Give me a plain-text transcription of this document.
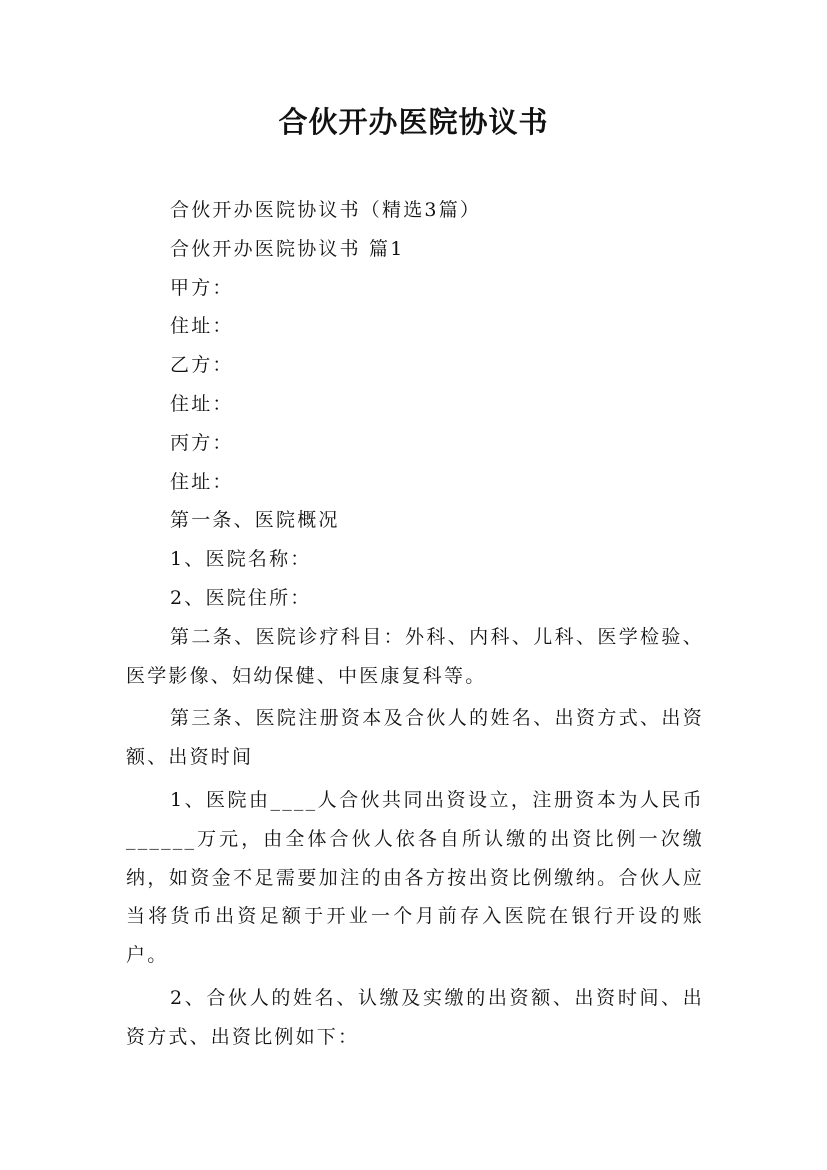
合伙开办医院协议书

合伙开办医院协议书（精选3篇）

合伙开办医院协议书 篇1

甲方：

住址：

乙方：

住址：

丙方：

住址：

第一条、医院概况

1、医院名称：

2、医院住所：

第二条、医院诊疗科目：外科、内科、儿科、医学检验、医学影像、妇幼保健、中医康复科等。

第三条、医院注册资本及合伙人的姓名、出资方式、出资额、出资时间

1、医院由____人合伙共同出资设立，注册资本为人民币______万元，由全体合伙人依各自所认缴的出资比例一次缴纳，如资金不足需要加注的由各方按出资比例缴纳。合伙人应当将货币出资足额于开业一个月前存入医院在银行开设的账户。

2、合伙人的姓名、认缴及实缴的出资额、出资时间、出资方式、出资比例如下：
